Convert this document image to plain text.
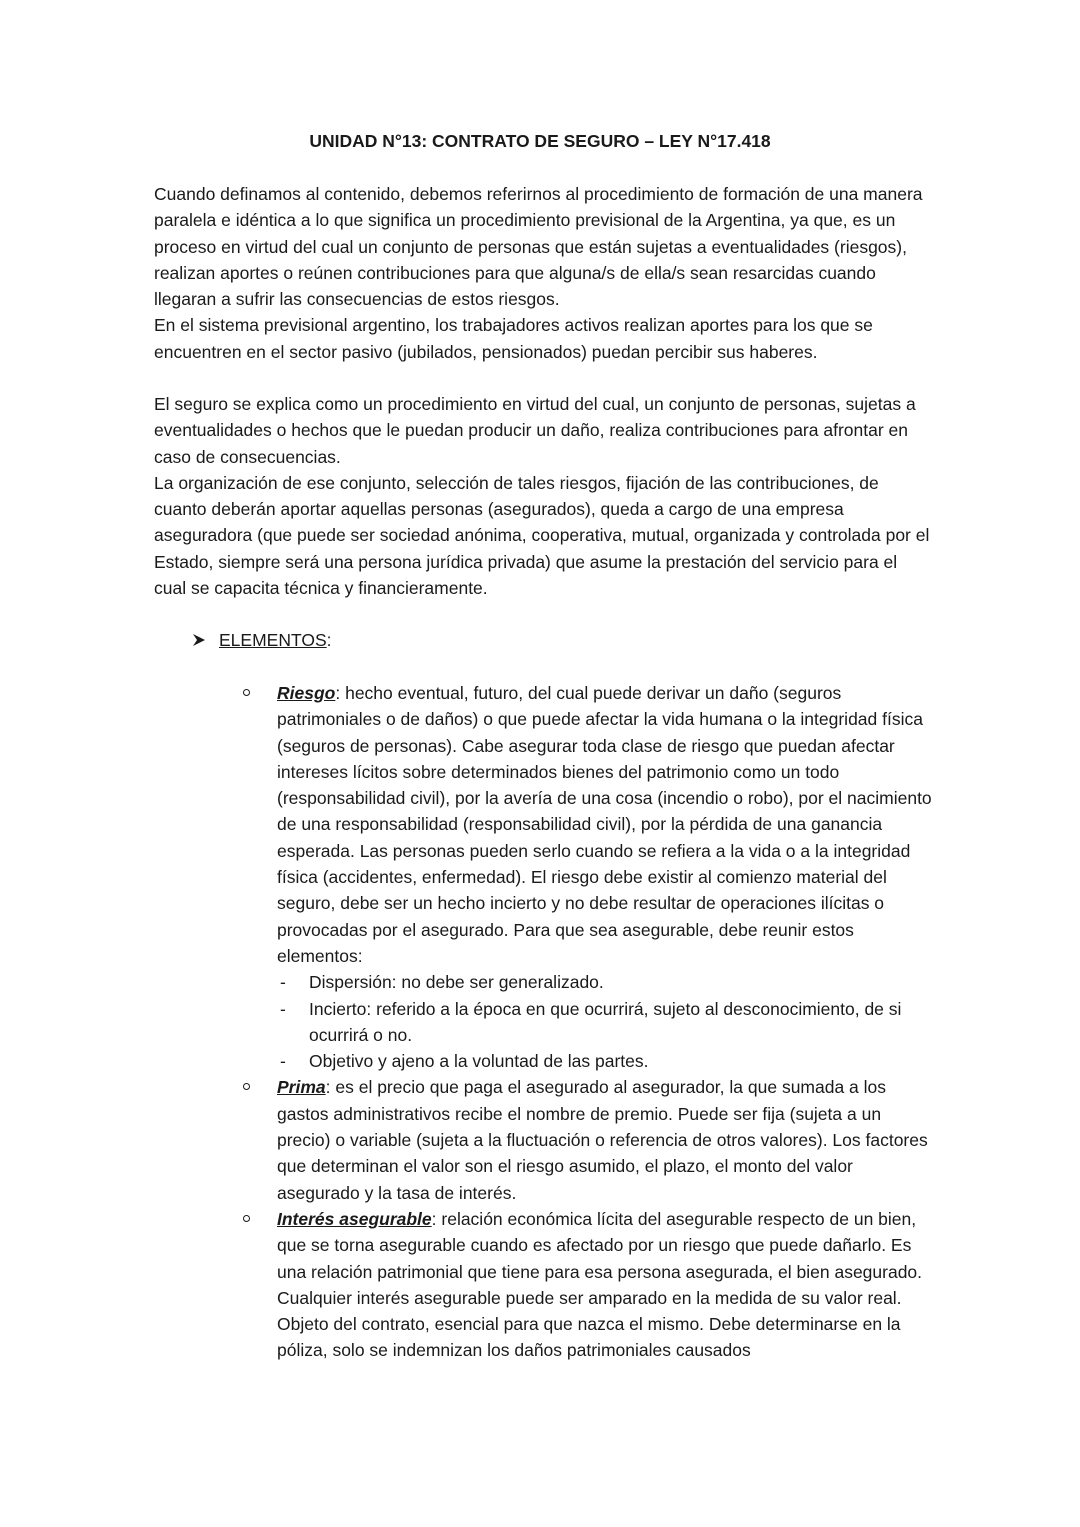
UNIDAD N°13: CONTRATO DE SEGURO – LEY N°17.418

Cuando definamos al contenido, debemos referirnos al procedimiento de formación de una manera paralela e idéntica a lo que significa un procedimiento previsional de la Argentina, ya que, es un proceso en virtud del cual un conjunto de personas que están sujetas a eventualidades (riesgos), realizan aportes o reúnen contribuciones para que alguna/s de ella/s sean resarcidas cuando llegaran a sufrir las consecuencias de estos riesgos.

En el sistema previsional argentino, los trabajadores activos realizan aportes para los que se encuentren en el sector pasivo (jubilados, pensionados) puedan percibir sus haberes.

El seguro se explica como un procedimiento en virtud del cual, un conjunto de personas, sujetas a eventualidades o hechos que le puedan producir un daño, realiza contribuciones para afrontar en caso de consecuencias.

La organización de ese conjunto, selección de tales riesgos, fijación de las contribuciones, de cuanto deberán aportar aquellas personas (asegurados), queda a cargo de una empresa aseguradora (que puede ser sociedad anónima, cooperativa, mutual, organizada y controlada por el Estado, siempre será una persona jurídica privada) que asume la prestación del servicio para el cual se capacita técnica y financieramente.

ELEMENTOS :
Riesgo: hecho eventual, futuro, del cual puede derivar un daño (seguros patrimoniales o de daños) o que puede afectar la vida humana o la integridad física (seguros de personas). Cabe asegurar toda clase de riesgo que puedan afectar intereses lícitos sobre determinados bienes del patrimonio como un todo (responsabilidad civil), por la avería de una cosa (incendio o robo), por el nacimiento de una responsabilidad (responsabilidad civil), por la pérdida de una ganancia esperada. Las personas pueden serlo cuando se refiera a la vida o a la integridad física (accidentes, enfermedad). El riesgo debe existir al comienzo material del seguro, debe ser un hecho incierto y no debe resultar de operaciones ilícitas o provocadas por el asegurado. Para que sea asegurable, debe reunir estos elementos:
- Dispersión: no debe ser generalizado.
- Incierto: referido a la época en que ocurrirá, sujeto al desconocimiento, de si ocurrirá o no.
- Objetivo y ajeno a la voluntad de las partes.
Prima: es el precio que paga el asegurado al asegurador, la que sumada a los gastos administrativos recibe el nombre de premio. Puede ser fija (sujeta a un precio) o variable (sujeta a la fluctuación o referencia de otros valores). Los factores que determinan el valor son el riesgo asumido, el plazo, el monto del valor asegurado y la tasa de interés.
Interés asegurable: relación económica lícita del asegurable respecto de un bien, que se torna asegurable cuando es afectado por un riesgo que puede dañarlo. Es una relación patrimonial que tiene para esa persona asegurada, el bien asegurado. Cualquier interés asegurable puede ser amparado en la medida de su valor real. Objeto del contrato, esencial para que nazca el mismo. Debe determinarse en la póliza, solo se indemnizan los daños patrimoniales causados
